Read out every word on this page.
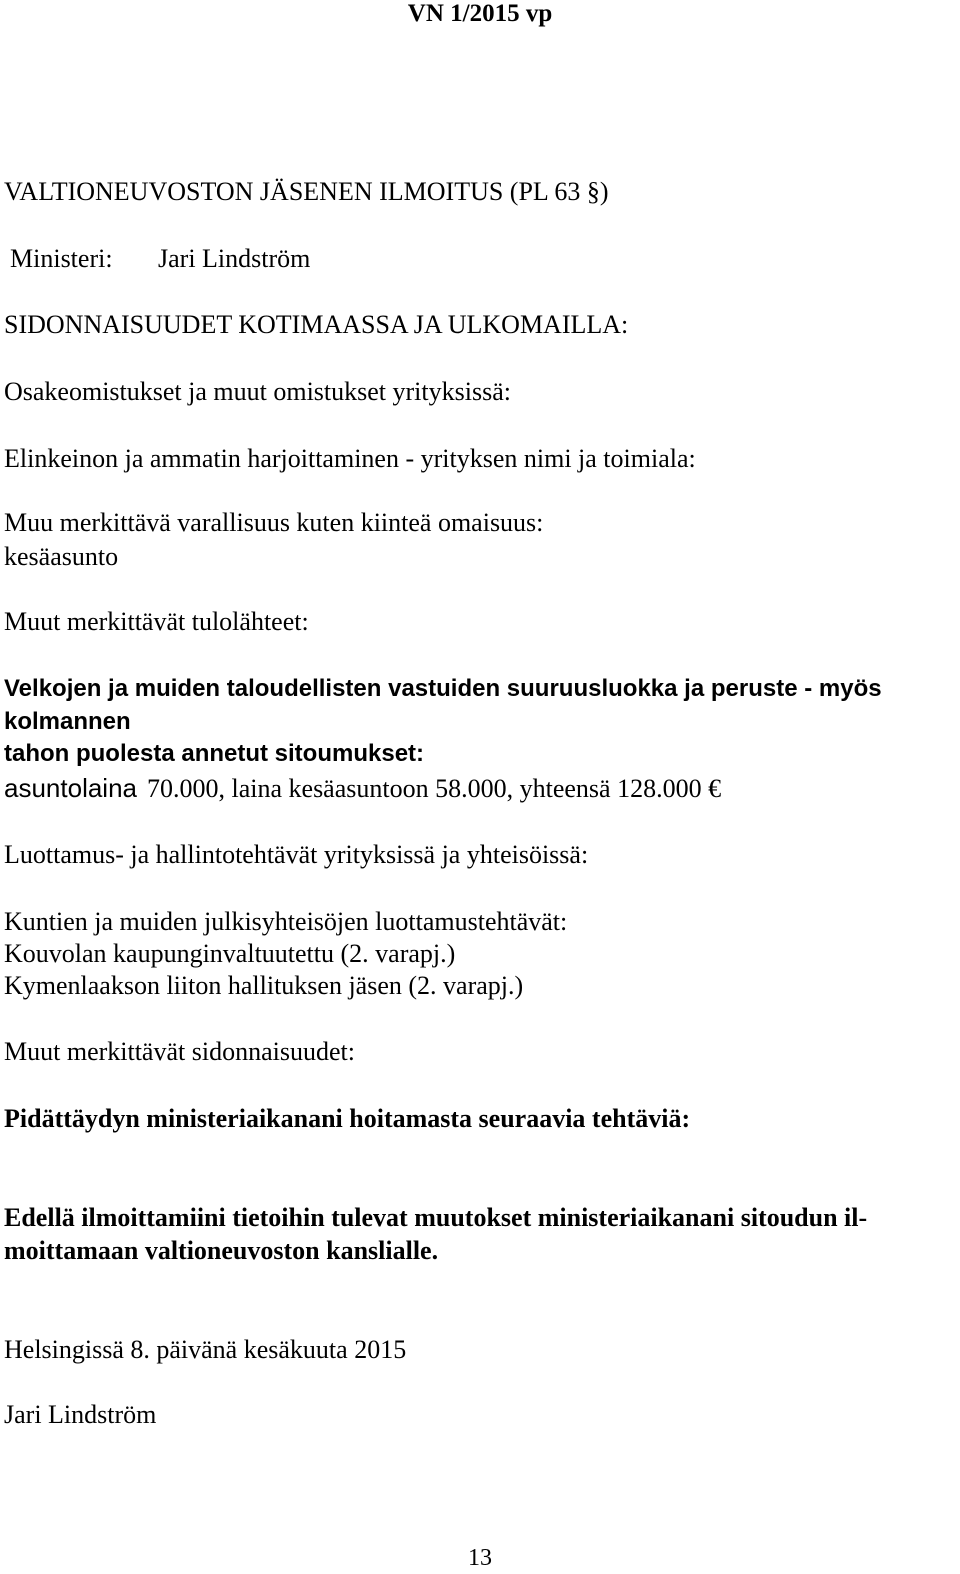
VN 1/2015 vp
VALTIONEUVOSTON JÄSENEN ILMOITUS (PL 63 §)
Ministeri: Jari Lindström
SIDONNAISUUDET KOTIMAASSA JA ULKOMAILLA:
Osakeomistukset ja muut omistukset yrityksissä:
Elinkeinon ja ammatin harjoittaminen - yrityksen nimi ja toimiala:
Muu merkittävä varallisuus kuten kiinteä omaisuus:
kesäasunto
Muut merkittävät tulolähteet:
Velkojen ja muiden taloudellisten vastuiden suuruusluokka ja peruste - myös
kolmannen
tahon puolesta annetut sitoumukset:
asuntolaina 70.000, laina kesäasuntoon 58.000, yhteensä 128.000 €
Luottamus- ja hallintotehtävät yrityksissä ja yhteisöissä:
Kuntien ja muiden julkisyhteisöjen luottamustehtävät:
Kouvolan kaupunginvaltuutettu (2. varapj.)
Kymenlaakson liiton hallituksen jäsen (2. varapj.)
Muut merkittävät sidonnaisuudet:
Pidättäydyn ministeriaikanani hoitamasta seuraavia tehtäviä:
Edellä ilmoittamiini tietoihin tulevat muutokset ministeriaikanani sitoudun il-
moittamaan valtioneuvoston kanslialle.
Helsingissä 8. päivänä kesäkuuta 2015
Jari Lindström
13
